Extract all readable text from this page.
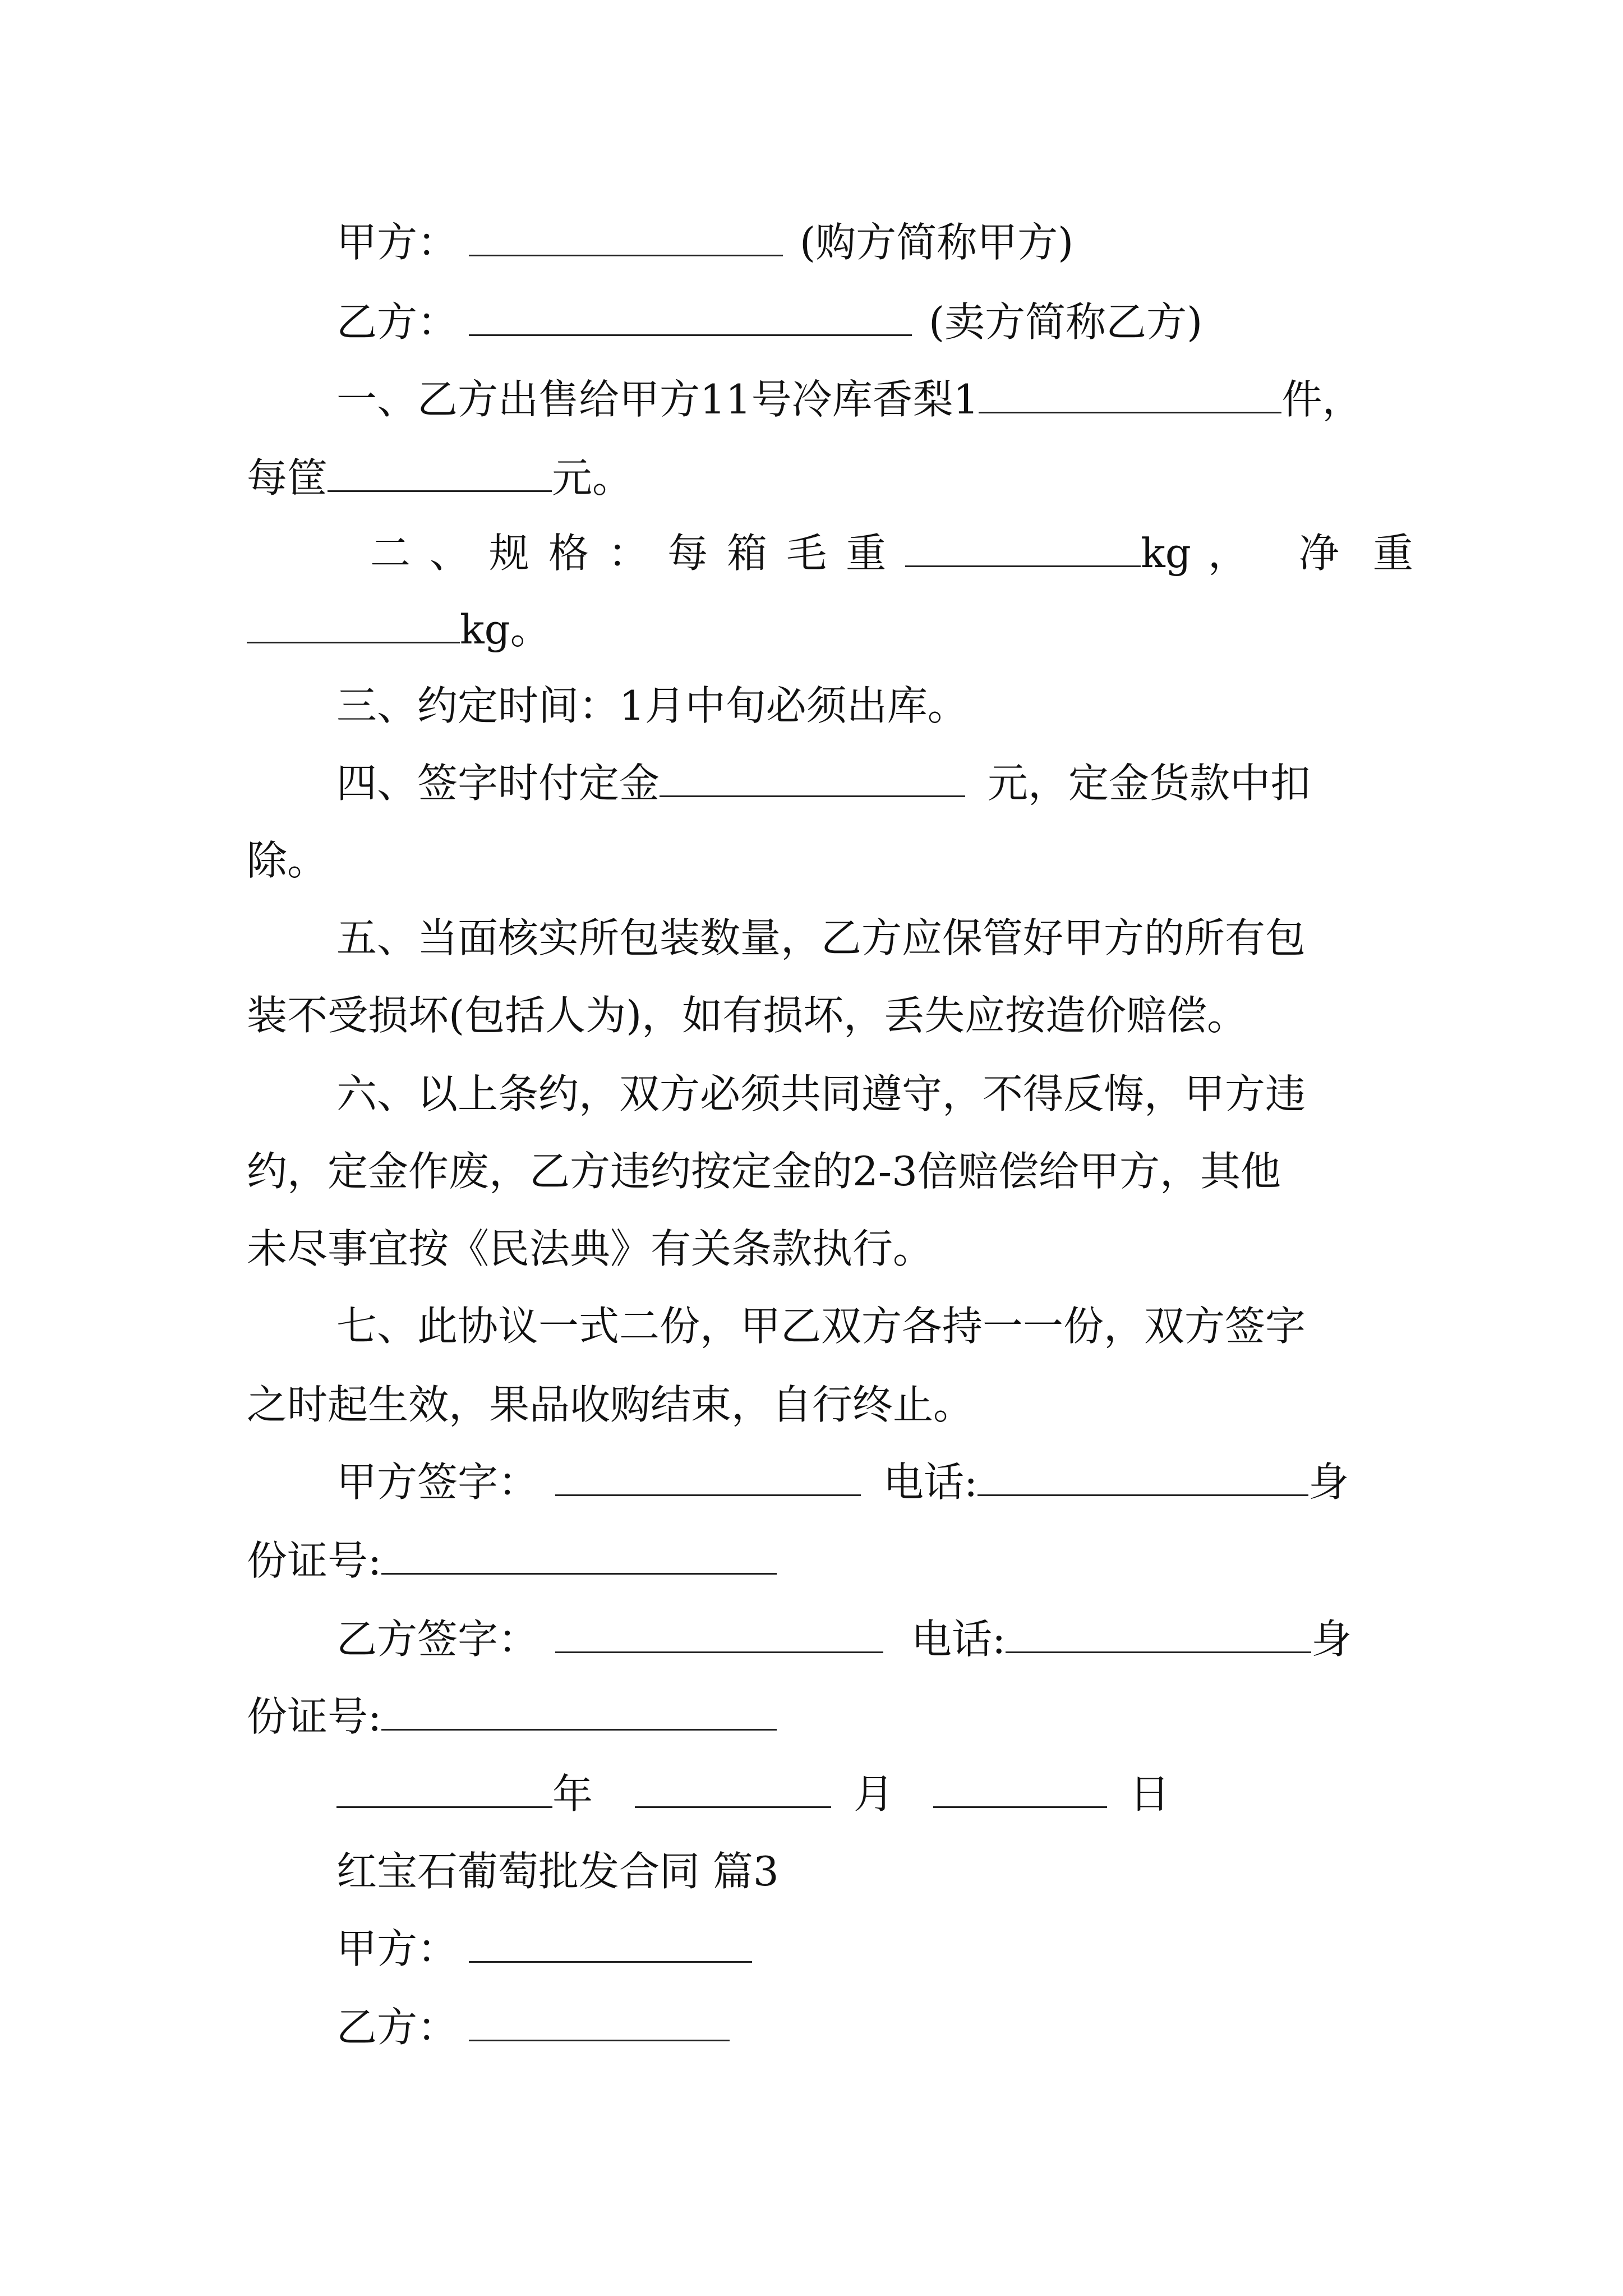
甲方：	(购方简称甲方)
乙方：	(卖方简称乙方)
一、乙方出售给甲方11号冷库香梨1	件，
每筐	元。
二 、 规 格 ： 每 箱 毛 重	kg ， 净 重
kg。
三、约定时间：1月中旬必须出库。
四、签字时付定金	元，定金货款中扣
除。
五、当面核实所包装数量，乙方应保管好甲方的所有包
装不受损坏(包括人为)，如有损坏，丢失应按造价赔偿。
六、以上条约，双方必须共同遵守，不得反悔，甲方违
约，定金作废，乙方违约按定金的2-3倍赔偿给甲方，其他
未尽事宜按《民法典》有关条款执行。
七、此协议一式二份，甲乙双方各持一一份，双方签字
之时起生效，果品收购结束，自行终止。
甲方签字：	电话:	身
份证号:
乙方签字：	电话:	身
份证号:
年	月	日
红宝石葡萄批发合同 篇3
甲方：
乙方：
